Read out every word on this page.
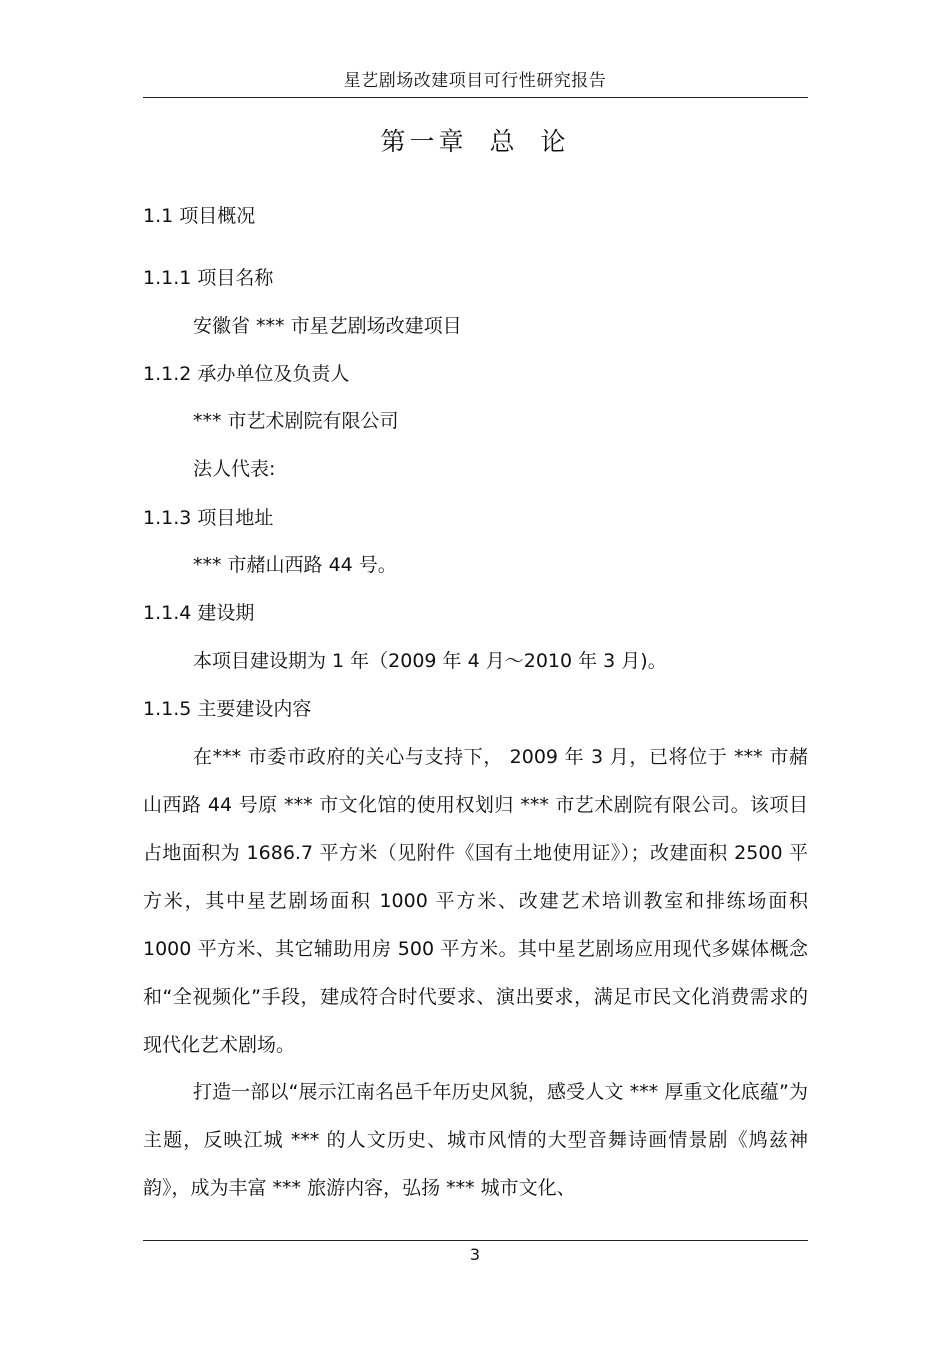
星艺剧场改建项目可行性研究报告
第一章 总 论
1.1 项目概况
1.1.1 项目名称
安徽省 *** 市星艺剧场改建项目
1.1.2 承办单位及负责人
*** 市艺术剧院有限公司
法人代表:
1.1.3 项目地址
*** 市赭山西路 44 号。
1.1.4 建设期
本项目建设期为 1 年（2009 年 4 月～2010 年 3 月)。
1.1.5 主要建设内容

在*** 市委市政府的关心与支持下， 2009 年 3 月，已将位于 *** 市赭山西路 44 号原 *** 市文化馆的使用权划归 *** 市艺术剧院有限公司。该项目占地面积为 1686.7 平方米（见附件《国有土地使用证》）；改建面积 2500 平方米，其中星艺剧场面积 1000 平方米、改建艺术培训教室和排练场面积 1000 平方米、其它辅助用房 500 平方米。其中星艺剧场应用现代多媒体概念和“全视频化”手段，建成符合时代要求、演出要求，满足市民文化消费需求的现代化艺术剧场。

打造一部以“展示江南名邑千年历史风貌，感受人文 *** 厚重文化底蕴”为主题，反映江城 *** 的人文历史、城市风情的大型音舞诗画情景剧《鸠兹神韵》，成为丰富 *** 旅游内容，弘扬 *** 城市文化、

3
